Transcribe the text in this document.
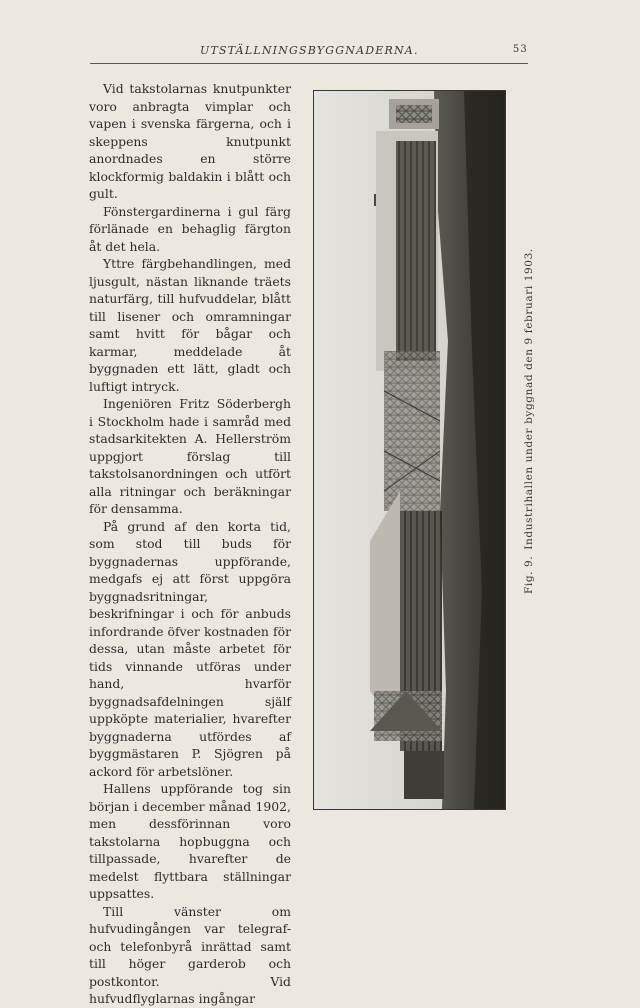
UTSTÄLLNINGSBYGGNADERNA.	53

Vid takstolarnas knutpunkter voro anbragta vimplar och vapen i svenska färgerna, och i skeppens knutpunkt anordnades en större klockformig baldakin i blått och gult.

Fönstergardinerna i gul färg förlänade en behaglig färgton åt det hela.

Yttre färgbehandlingen, med ljusgult, nästan liknande träets naturfärg, till hufvuddelar, blått till lisener och omramningar samt hvitt för bågar och karmar, meddelade åt byggnaden ett lätt, gladt och luftigt intryck.

Ingeniören Fritz Söderbergh i Stockholm hade i samråd med stadsarkitekten A. Hellerström uppgjort förslag till takstolsanordningen och utfört alla ritningar och beräkningar för densamma.

På grund af den korta tid, som stod till buds för byggnadernas uppförande, medgafs ej att först uppgöra byggnadsritningar, beskrifningar i och för anbuds infordrande öfver kostnaden för dessa, utan måste arbetet för tids vinnande utföras under hand, hvarför byggnadsafdelningen själf uppköpte materialier, hvarefter byggnaderna utfördes af byggmästaren P. Sjögren på ackord för arbetslöner.

Hallens uppförande tog sin början i december månad 1902, men dessförinnan voro takstolarna hopbuggna och tillpassade, hvarefter de medelst flyttbara ställningar uppsattes.

Till vänster om hufvudingången var telegraf- och telefonbyrå inrättad samt till höger garderob och postkontor. Vid hufvudflyglarnas ingångar

Fig. 9.Industrihallen under byggnad den 9 februari 1903.
